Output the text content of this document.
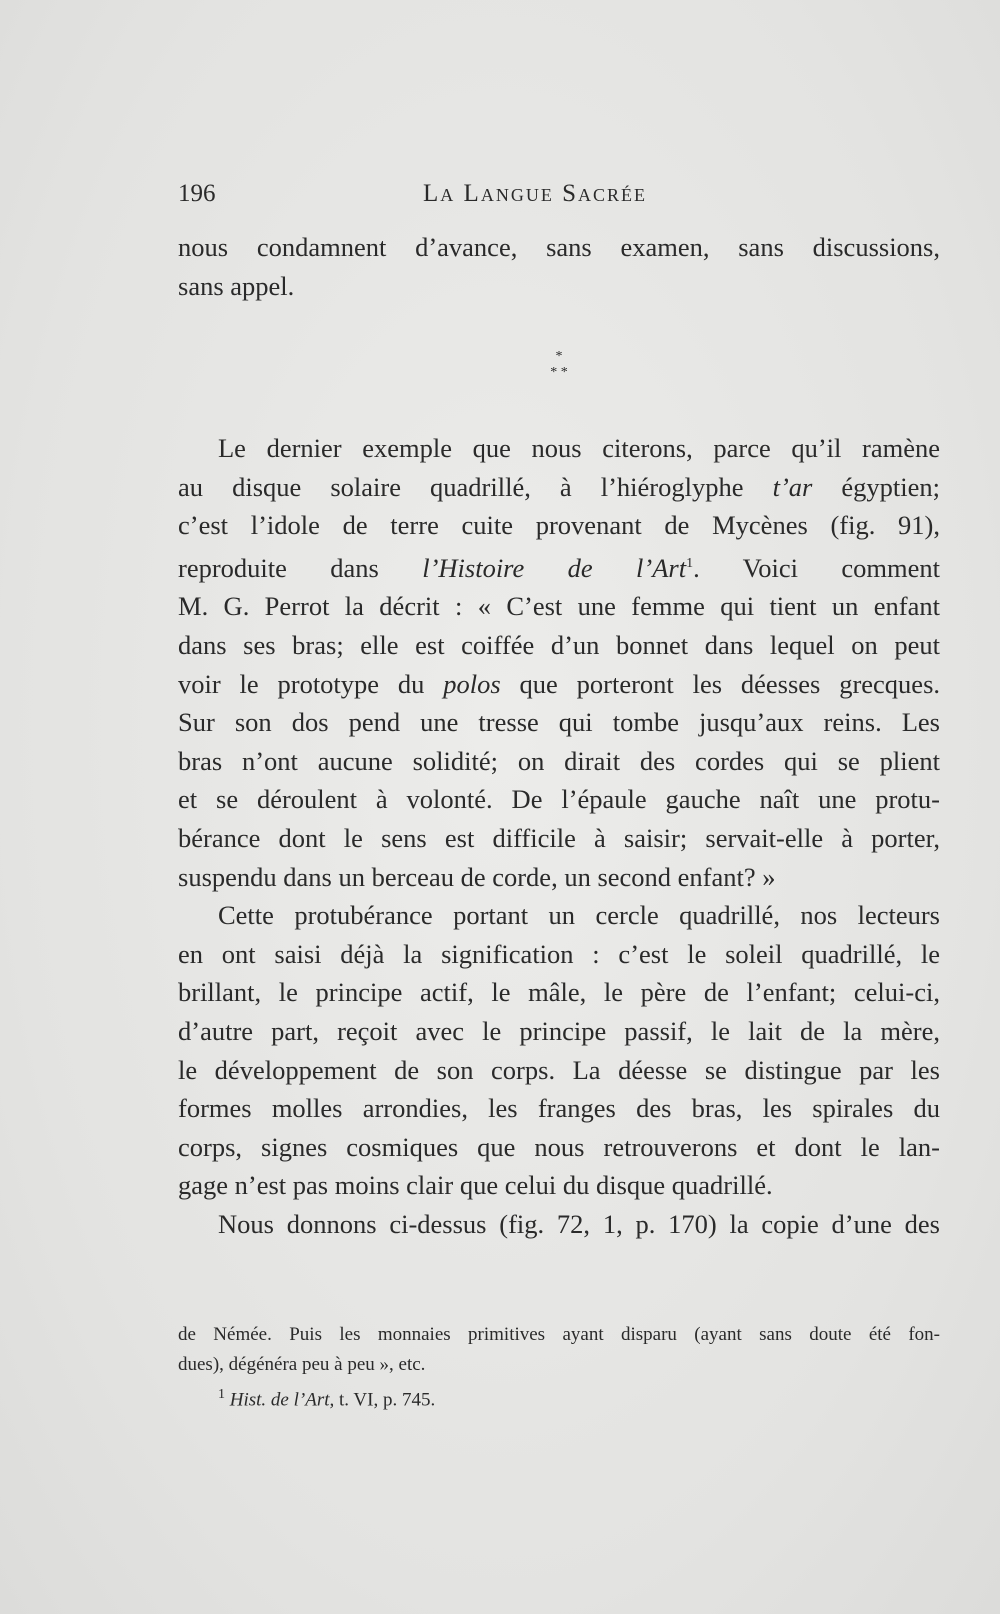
196	La Langue Sacrée
nous condamnent d’avance, sans examen, sans discussions,
sans appel.
*
* *
Le dernier exemple que nous citerons, parce qu’il ramène
au disque solaire quadrillé, à l’hiéroglyphe t’ar égyptien;
c’est l’idole de terre cuite provenant de Mycènes (fig. 91),
reproduite dans l’Histoire de l’Art$^1$. Voici comment
M. G. Perrot la décrit : « C’est une femme qui tient un enfant
dans ses bras; elle est coiffée d’un bonnet dans lequel on peut
voir le prototype du polos que porteront les déesses grecques.
Sur son dos pend une tresse qui tombe jusqu’aux reins. Les
bras n’ont aucune solidité; on dirait des cordes qui se plient
et se déroulent à volonté. De l’épaule gauche naît une protu-
bérance dont le sens est difficile à saisir; servait-elle à porter,
suspendu dans un berceau de corde, un second enfant? »
Cette protubérance portant un cercle quadrillé, nos lecteurs
en ont saisi déjà la signification : c’est le soleil quadrillé, le
brillant, le principe actif, le mâle, le père de l’enfant; celui-ci,
d’autre part, reçoit avec le principe passif, le lait de la mère,
le développement de son corps. La déesse se distingue par les
formes molles arrondies, les franges des bras, les spirales du
corps, signes cosmiques que nous retrouverons et dont le lan-
gage n’est pas moins clair que celui du disque quadrillé.
Nous donnons ci-dessus (fig. 72, 1, p. 170) la copie d’une des
de Némée. Puis les monnaies primitives ayant disparu (ayant sans doute été fon-
dues), dégénéra peu à peu », etc.
$^1$ Hist. de l’Art, t. VI, p. 745.
